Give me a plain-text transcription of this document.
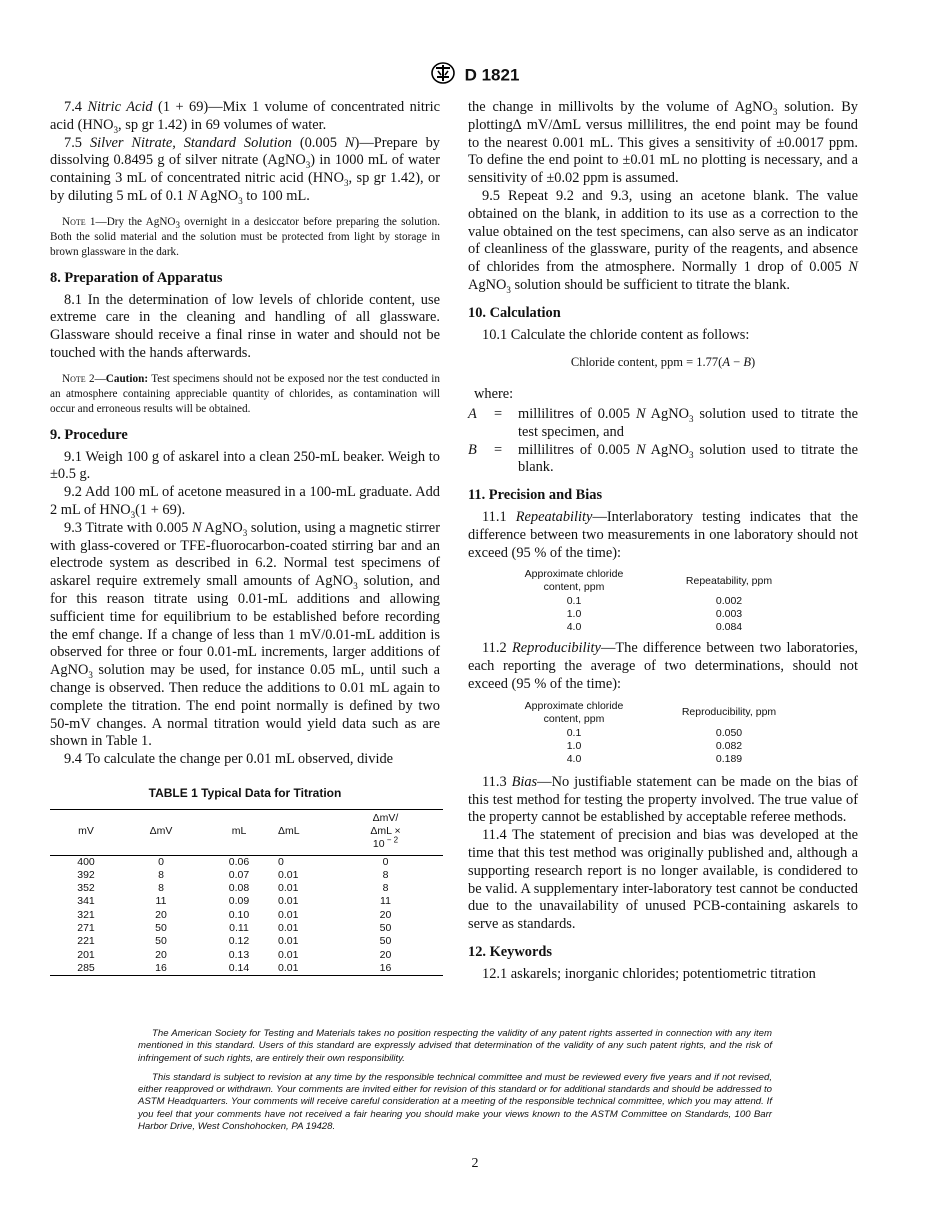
D 1821

7.4 Nitric Acid (1 + 69)—Mix 1 volume of concentrated nitric acid ($HNO_3$, sp gr 1.42) in 69 volumes of water.

7.5 Silver Nitrate, Standard Solution (0.005 N)—Prepare by dissolving 0.8495 g of silver nitrate (AgNO$_3$) in 1000 mL of water containing 3 mL of concentrated nitric acid ($HNO_3$, sp gr 1.42), or by diluting 5 mL of 0.1 N AgNO$_3$ to 100 mL.

Note 1—Dry the AgNO$_3$ overnight in a desiccator before preparing the solution. Both the solid material and the solution must be protected from light by storage in brown glassware in the dark.

8. Preparation of Apparatus

8.1 In the determination of low levels of chloride content, use extreme care in the cleaning and handling of all glassware. Glassware should receive a final rinse in water and should not be touched with the hands afterwards.

Note 2—Caution: Test specimens should not be exposed nor the test conducted in an atmosphere containing appreciable quantity of chlorides, as contamination will occur and erroneous results will be obtained.

9. Procedure

9.1 Weigh 100 g of askarel into a clean 250-mL beaker. Weigh to ±0.5 g.

9.2 Add 100 mL of acetone measured in a 100-mL graduate. Add 2 mL of $HNO_3(1 + 69)$.

9.3 Titrate with 0.005 N AgNO$_3$ solution, using a magnetic stirrer with glass-covered or TFE-fluorocarbon-coated stirring bar and an electrode system as described in 6.2. Normal test specimens of askarel require extremely small amounts of AgNO$_3$ solution, and for this reason titrate using 0.01-mL additions and allowing sufficient time for equilibrium to be established before recording the emf change. If a change of less than 1 mV/0.01-mL addition is observed for three or four 0.01-mL increments, larger additions of AgNO$_3$ solution may be used, for instance 0.05 mL, until such a change is observed. Then reduce the additions to 0.01 mL again to complete the titration. The end point normally is defined by two 50-mV changes. A normal titration would yield data such as are shown in Table 1.

9.4 To calculate the change per 0.01 mL observed, divide

TABLE 1 Typical Data for Titration
mV	ΔmV	mL	ΔmL	ΔmV/
ΔmL ×
10 $^{- 2}$
400	0	0.06	0	0
392	8	0.07	0.01	8
352	8	0.08	0.01	8
341	11	0.09	0.01	11
321	20	0.10	0.01	20
271	50	0.11	0.01	50
221	50	0.12	0.01	50
201	20	0.13	0.01	20
285	16	0.14	0.01	16

the change in millivolts by the volume of AgNO$_3$ solution. By plotting∆ mV/∆mL versus millilitres, the end point may be found to the nearest 0.001 mL. This gives a sensitivity of ±0.0017 ppm. To define the end point to ±0.01 mL no plotting is necessary, and a sensitivity of ±0.02 ppm is assumed.

9.5 Repeat 9.2 and 9.3, using an acetone blank. The value obtained on the blank, in addition to its use as a correction to the value obtained on the test specimens, can also serve as an indicator of cleanliness of the glassware, purity of the reagents, and absence of chlorides from the atmosphere. Normally 1 drop of 0.005 N AgNO$_3$ solution should be sufficient to titrate the blank.

10. Calculation

10.1 Calculate the chloride content as follows:

Chloride content, ppm = 1.77(A − B)

where:

A	=	millilitres of 0.005 N AgNO$_3$ solution used to titrate the test specimen, and
B	=	millilitres of 0.005 N AgNO$_3$ solution used to titrate the blank.
11. Precision and Bias

11.1 Repeatability—Interlaboratory testing indicates that the difference between two measurements in one laboratory should not exceed (95 % of the time):

Approximate chloride
content, ppm	Repeatability, ppm
0.1	0.002
1.0	0.003
4.0	0.084

11.2 Reproducibility—The difference between two laboratories, each reporting the average of two determinations, should not exceed (95 % of the time):

Approximate chloride
content, ppm	Reproducibility, ppm
0.1	0.050
1.0	0.082
4.0	0.189

11.3 Bias—No justifiable statement can be made on the bias of this test method for testing the property involved. The true value of the property cannot be established by acceptable referee methods.

11.4 The statement of precision and bias was developed at the time that this test method was originally published and, although a supporting research report is no longer available, is condidered to be valid. A supplementary inter-laboratory test cannot be conducted due to the unavailability of unused PCB-containing askarels to serve as standards.

12. Keywords

12.1 askarels; inorganic chlorides; potentiometric titration

The American Society for Testing and Materials takes no position respecting the validity of any patent rights asserted in connection with any item mentioned in this standard. Users of this standard are expressly advised that determination of the validity of any such patent rights, and the risk of infringement of such rights, are entirely their own responsibility.

This standard is subject to revision at any time by the responsible technical committee and must be reviewed every five years and if not revised, either reapproved or withdrawn. Your comments are invited either for revision of this standard or for additional standards and should be addressed to ASTM Headquarters. Your comments will receive careful consideration at a meeting of the responsible technical committee, which you may attend. If you feel that your comments have not received a fair hearing you should make your views known to the ASTM Committee on Standards, 100 Barr Harbor Drive, West Conshohocken, PA 19428.

2
